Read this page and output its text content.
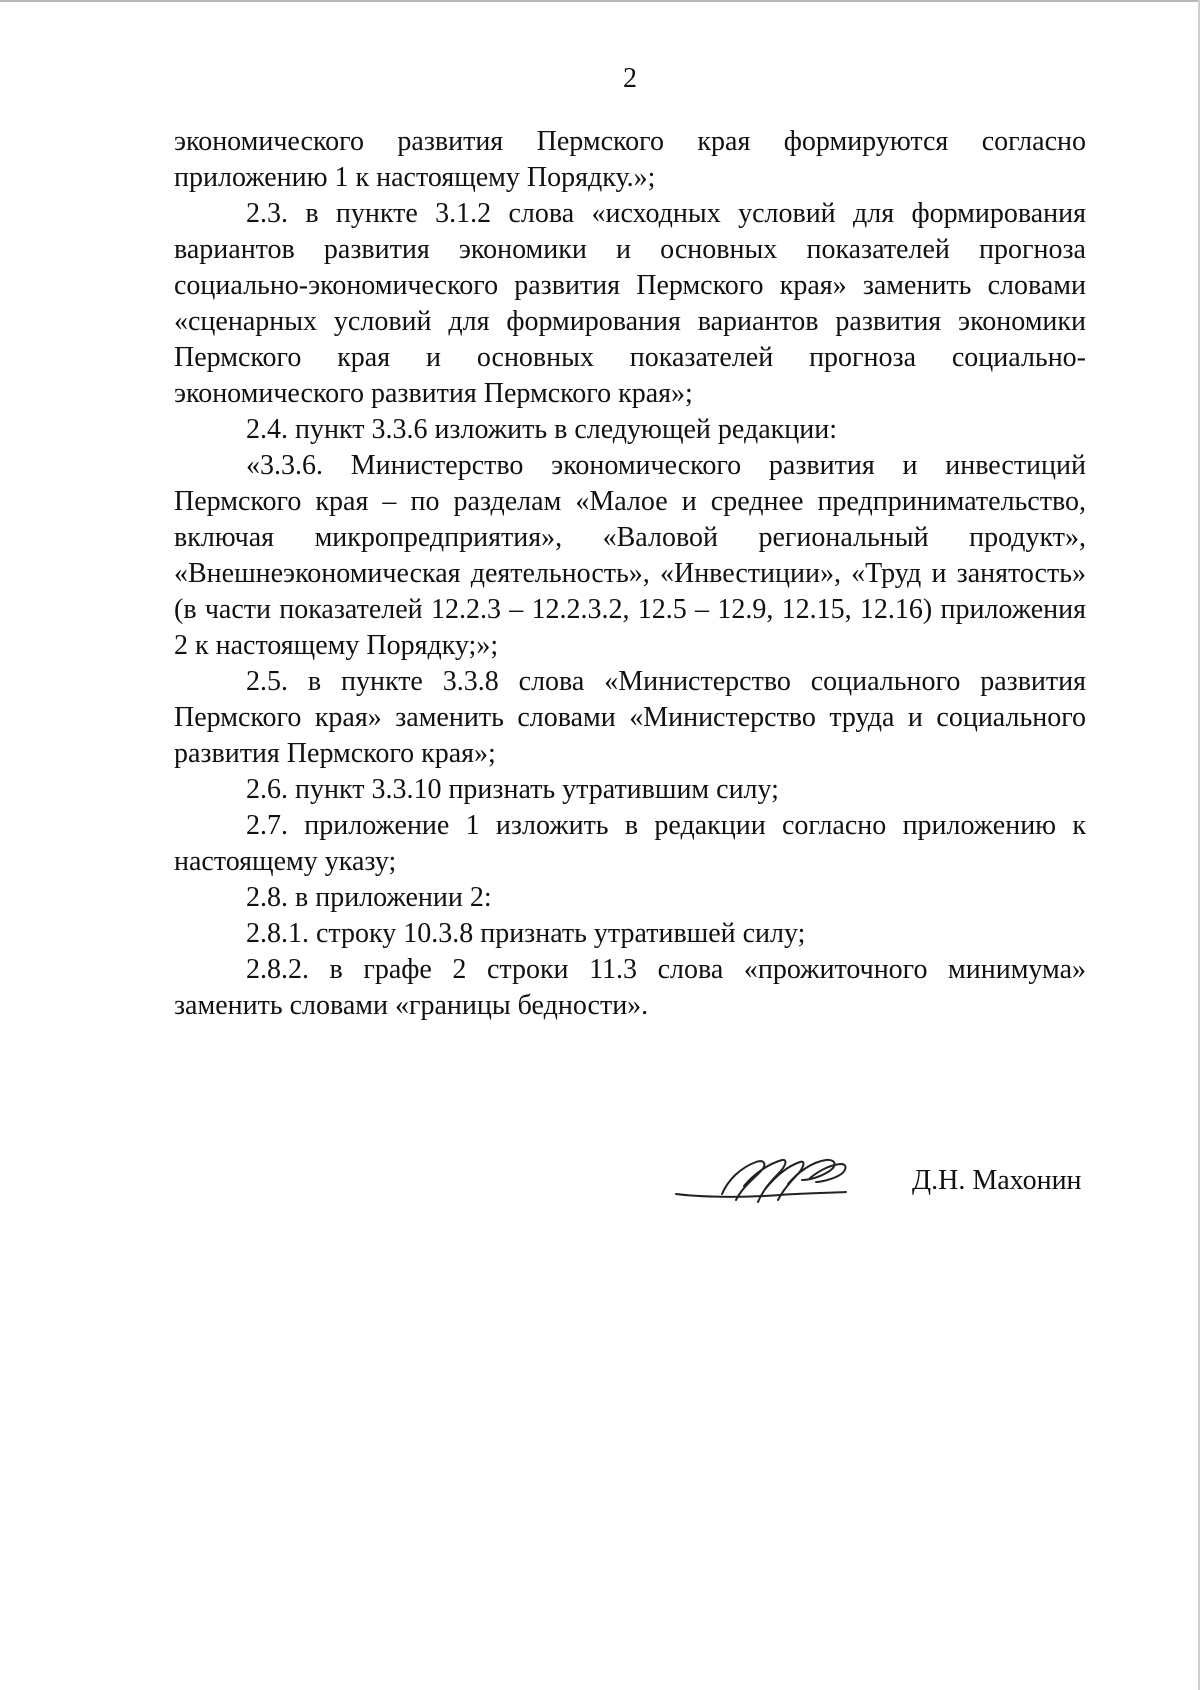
2

экономического развития Пермского края формируются согласно приложению 1 к настоящему Порядку.»;

2.3. в пункте 3.1.2 слова «исходных условий для формирования вариантов развития экономики и основных показателей прогноза социально-экономического развития Пермского края» заменить словами «сценарных условий для формирования вариантов развития экономики Пермского края и основных показателей прогноза социально-экономического развития Пермского края»;

2.4. пункт 3.3.6 изложить в следующей редакции:

«3.3.6. Министерство экономического развития и инвестиций Пермского края – по разделам «Малое и среднее предпринимательство, включая микропредприятия», «Валовой региональный продукт», «Внешнеэкономическая деятельность», «Инвестиции», «Труд и занятость» (в части показателей 12.2.3 – 12.2.3.2, 12.5 – 12.9, 12.15, 12.16) приложения 2 к настоящему Порядку;»;

2.5. в пункте 3.3.8 слова «Министерство социального развития Пермского края» заменить словами «Министерство труда и социального развития Пермского края»;

2.6. пункт 3.3.10 признать утратившим силу;

2.7. приложение 1 изложить в редакции согласно приложению к настоящему указу;

2.8. в приложении 2:

2.8.1. строку 10.3.8 признать утратившей силу;

2.8.2. в графе 2 строки 11.3 слова «прожиточного минимума» заменить словами «границы бедности».

Д.Н. Махонин
